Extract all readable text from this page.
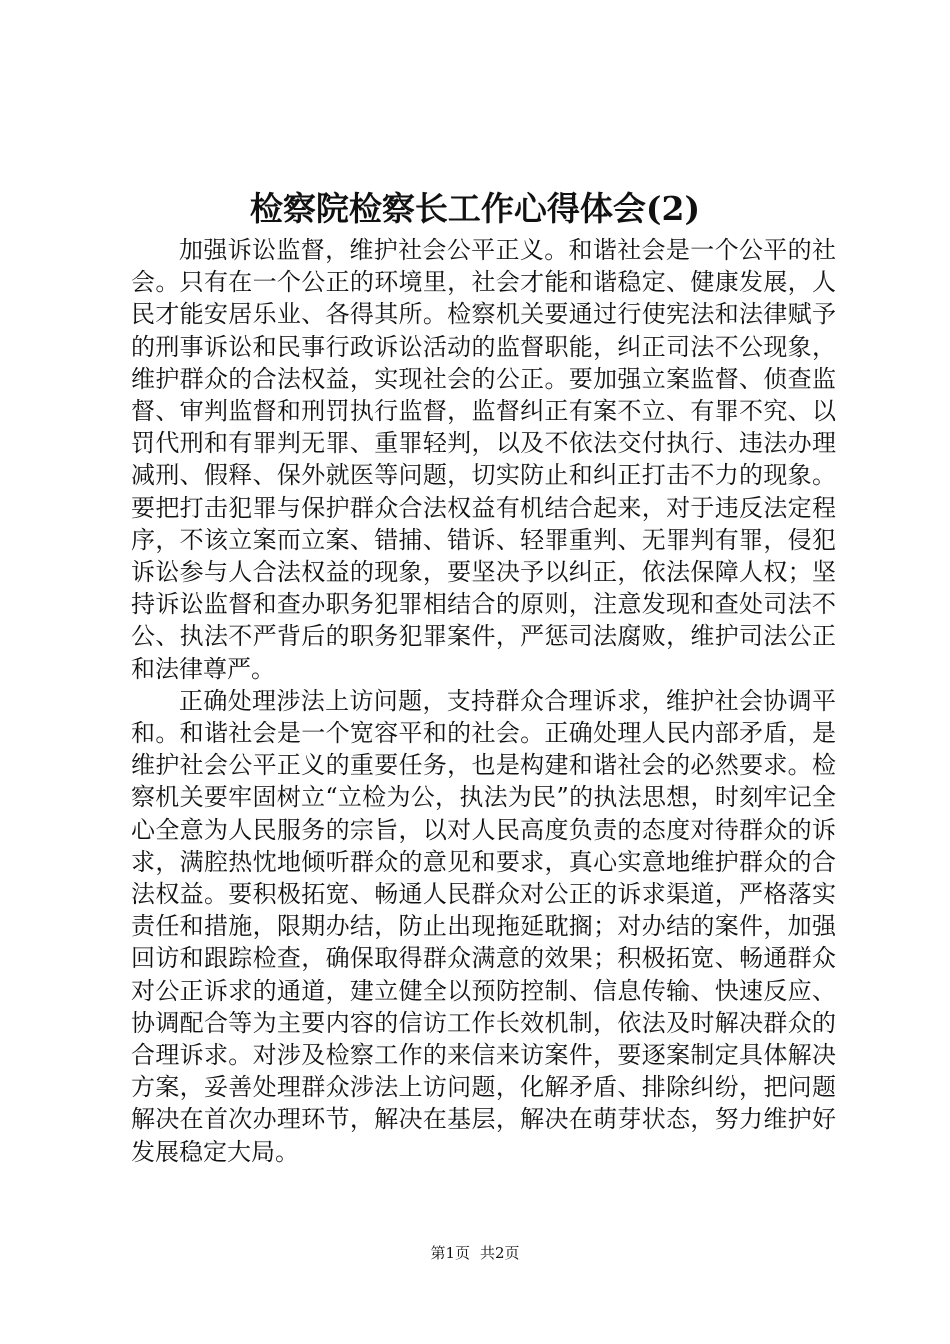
检察院检察长工作心得体会(2)

加强诉讼监督，维护社会公平正义。和谐社会是一个公平的社会。只有在一个公正的环境里，社会才能和谐稳定、健康发展，人民才能安居乐业、各得其所。检察机关要通过行使宪法和法律赋予的刑事诉讼和民事行政诉讼活动的监督职能，纠正司法不公现象，维护群众的合法权益，实现社会的公正。要加强立案监督、侦查监督、审判监督和刑罚执行监督，监督纠正有案不立、有罪不究、以罚代刑和有罪判无罪、重罪轻判，以及不依法交付执行、违法办理减刑、假释、保外就医等问题，切实防止和纠正打击不力的现象。要把打击犯罪与保护群众合法权益有机结合起来，对于违反法定程序，不该立案而立案、错捕、错诉、轻罪重判、无罪判有罪，侵犯诉讼参与人合法权益的现象，要坚决予以纠正，依法保障人权；坚持诉讼监督和查办职务犯罪相结合的原则，注意发现和查处司法不公、执法不严背后的职务犯罪案件，严惩司法腐败，维护司法公正和法律尊严。

正确处理涉法上访问题，支持群众合理诉求，维护社会协调平和。和谐社会是一个宽容平和的社会。正确处理人民内部矛盾，是维护社会公平正义的重要任务，也是构建和谐社会的必然要求。检察机关要牢固树立“立检为公，执法为民”的执法思想，时刻牢记全心全意为人民服务的宗旨，以对人民高度负责的态度对待群众的诉求，满腔热忱地倾听群众的意见和要求，真心实意地维护群众的合法权益。要积极拓宽、畅通人民群众对公正的诉求渠道，严格落实责任和措施，限期办结，防止出现拖延耽搁；对办结的案件，加强回访和跟踪检查，确保取得群众满意的效果；积极拓宽、畅通群众对公正诉求的通道，建立健全以预防控制、信息传输、快速反应、协调配合等为主要内容的信访工作长效机制，依法及时解决群众的合理诉求。对涉及检察工作的来信来访案件，要逐案制定具体解决方案，妥善处理群众涉法上访问题，化解矛盾、排除纠纷，把问题解决在首次办理环节，解决在基层，解决在萌芽状态，努力维护好发展稳定大局。

第1页 共2页
